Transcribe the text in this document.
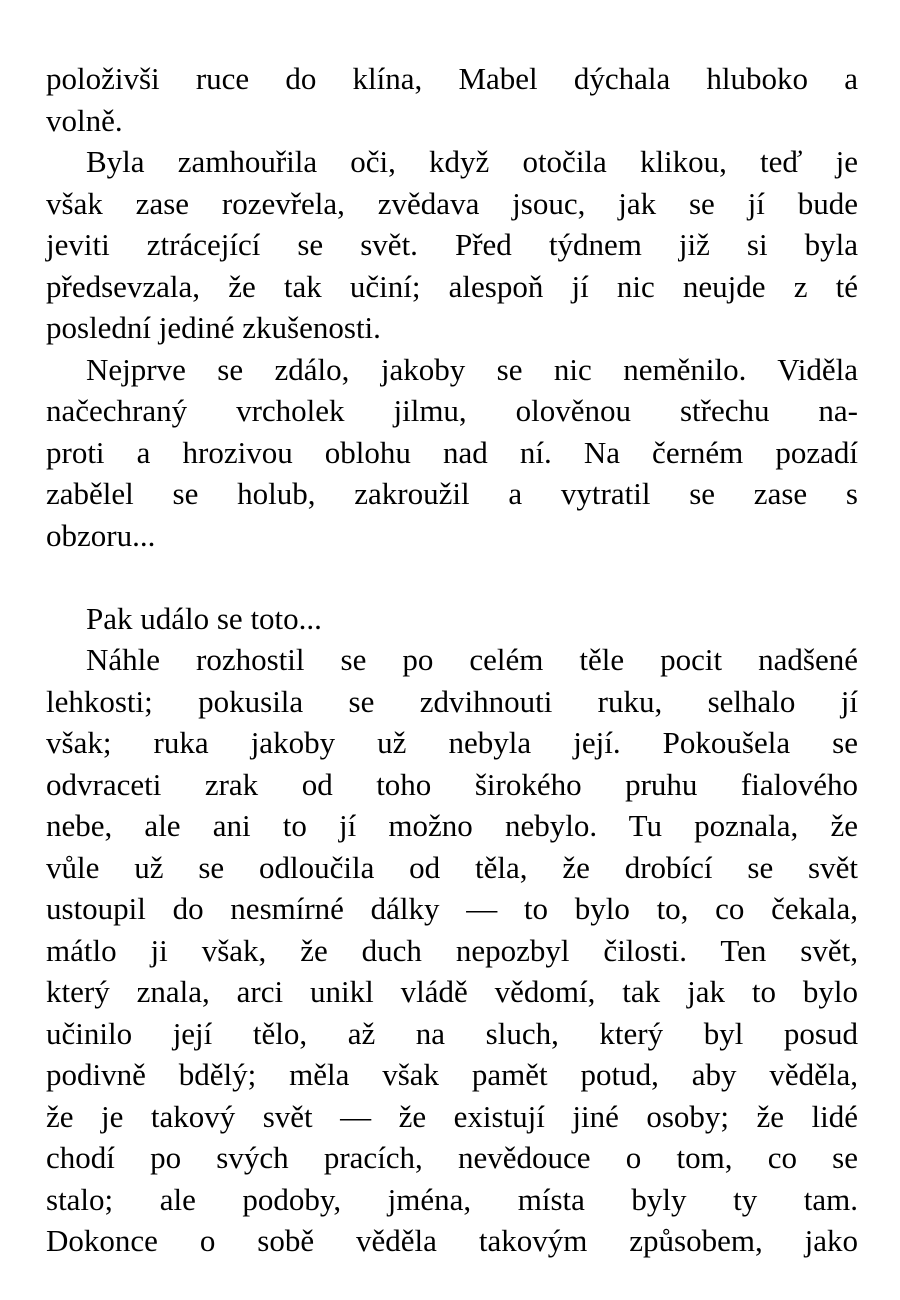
položivši ruce do klína, Mabel dýchala hluboko a
volně.
Byla zamhouřila oči, když otočila klikou, teď je
však zase rozevřela, zvědava jsouc, jak se jí bude
jeviti ztrácející se svět. Před týdnem již si byla
předsevzala, že tak učiní; alespoň jí nic neujde z té
poslední jediné zkušenosti.
Nejprve se zdálo, jakoby se nic neměnilo. Viděla
načechraný vrcholek jilmu, olověnou střechu na-
proti a hrozivou oblohu nad ní. Na černém pozadí
zabělel se holub, zakroužil a vytratil se zase s
obzoru...
Pak událo se toto...
Náhle rozhostil se po celém těle pocit nadšené
lehkosti; pokusila se zdvihnouti ruku, selhalo jí
však; ruka jakoby už nebyla její. Pokoušela se
odvraceti zrak od toho širokého pruhu fialového
nebe, ale ani to jí možno nebylo. Tu poznala, že
vůle už se odloučila od těla, že drobící se svět
ustoupil do nesmírné dálky — to bylo to, co čekala,
mátlo ji však, že duch nepozbyl čilosti. Ten svět,
který znala, arci unikl vládě vědomí, tak jak to bylo
učinilo její tělo, až na sluch, který byl posud
podivně bdělý; měla však pamět potud, aby věděla,
že je takový svět — že existují jiné osoby; že lidé
chodí po svých pracích, nevědouce o tom, co se
stalo; ale podoby, jména, místa byly ty tam.
Dokonce o sobě věděla takovým způsobem, jako
